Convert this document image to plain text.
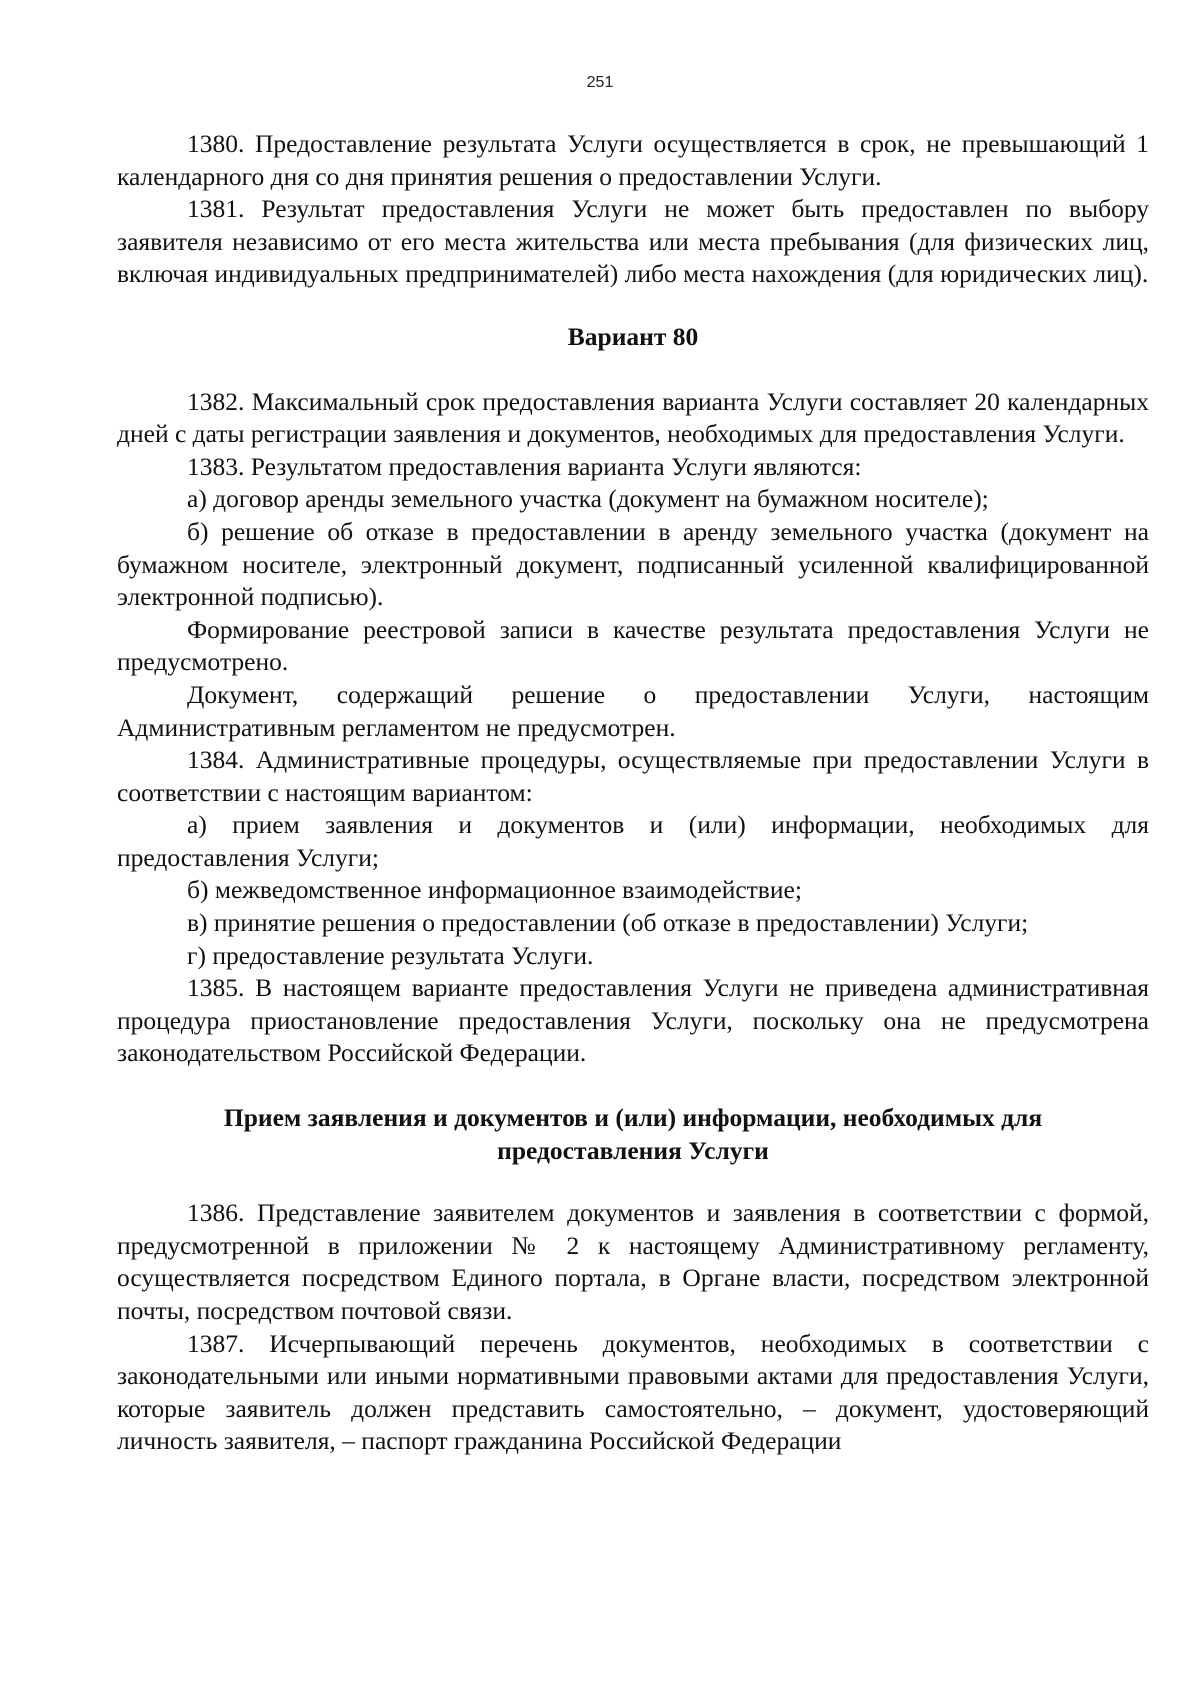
251

1380. Предоставление результата Услуги осуществляется в срок, не превышающий 1 календарного дня со дня принятия решения о предоставлении Услуги.

1381. Результат предоставления Услуги не может быть предоставлен по выбору заявителя независимо от его места жительства или места пребывания (для физических лиц, включая индивидуальных предпринимателей) либо места нахождения (для юридических лиц).

Вариант 80

1382. Максимальный срок предоставления варианта Услуги составляет 20 календарных дней с даты регистрации заявления и документов, необходимых для предоставления Услуги.

1383. Результатом предоставления варианта Услуги являются:

а) договор аренды земельного участка (документ на бумажном носителе);

б) решение об отказе в предоставлении в аренду земельного участка (документ на бумажном носителе, электронный документ, подписанный усиленной квалифицированной электронной подписью).

Формирование реестровой записи в качестве результата предоставления Услуги не предусмотрено.

Документ, содержащий решение о предоставлении Услуги, настоящим Административным регламентом не предусмотрен.

1384. Административные процедуры, осуществляемые при предоставлении Услуги в соответствии с настоящим вариантом:

а) прием заявления и документов и (или) информации, необходимых для предоставления Услуги;

б) межведомственное информационное взаимодействие;

в) принятие решения о предоставлении (об отказе в предоставлении) Услуги;

г) предоставление результата Услуги.

1385. В настоящем варианте предоставления Услуги не приведена административная процедура приостановление предоставления Услуги, поскольку она не предусмотрена законодательством Российской Федерации.

Прием заявления и документов и (или) информации, необходимых для
предоставления Услуги

1386. Представление заявителем документов и заявления в соответствии с формой, предусмотренной в приложении № 2 к настоящему Административному регламенту, осуществляется посредством Единого портала, в Органе власти, посредством электронной почты, посредством почтовой связи.

1387. Исчерпывающий перечень документов, необходимых в соответствии с законодательными или иными нормативными правовыми актами для предоставления Услуги, которые заявитель должен представить самостоятельно, – документ, удостоверяющий личность заявителя, – паспорт гражданина Российской Федерации
